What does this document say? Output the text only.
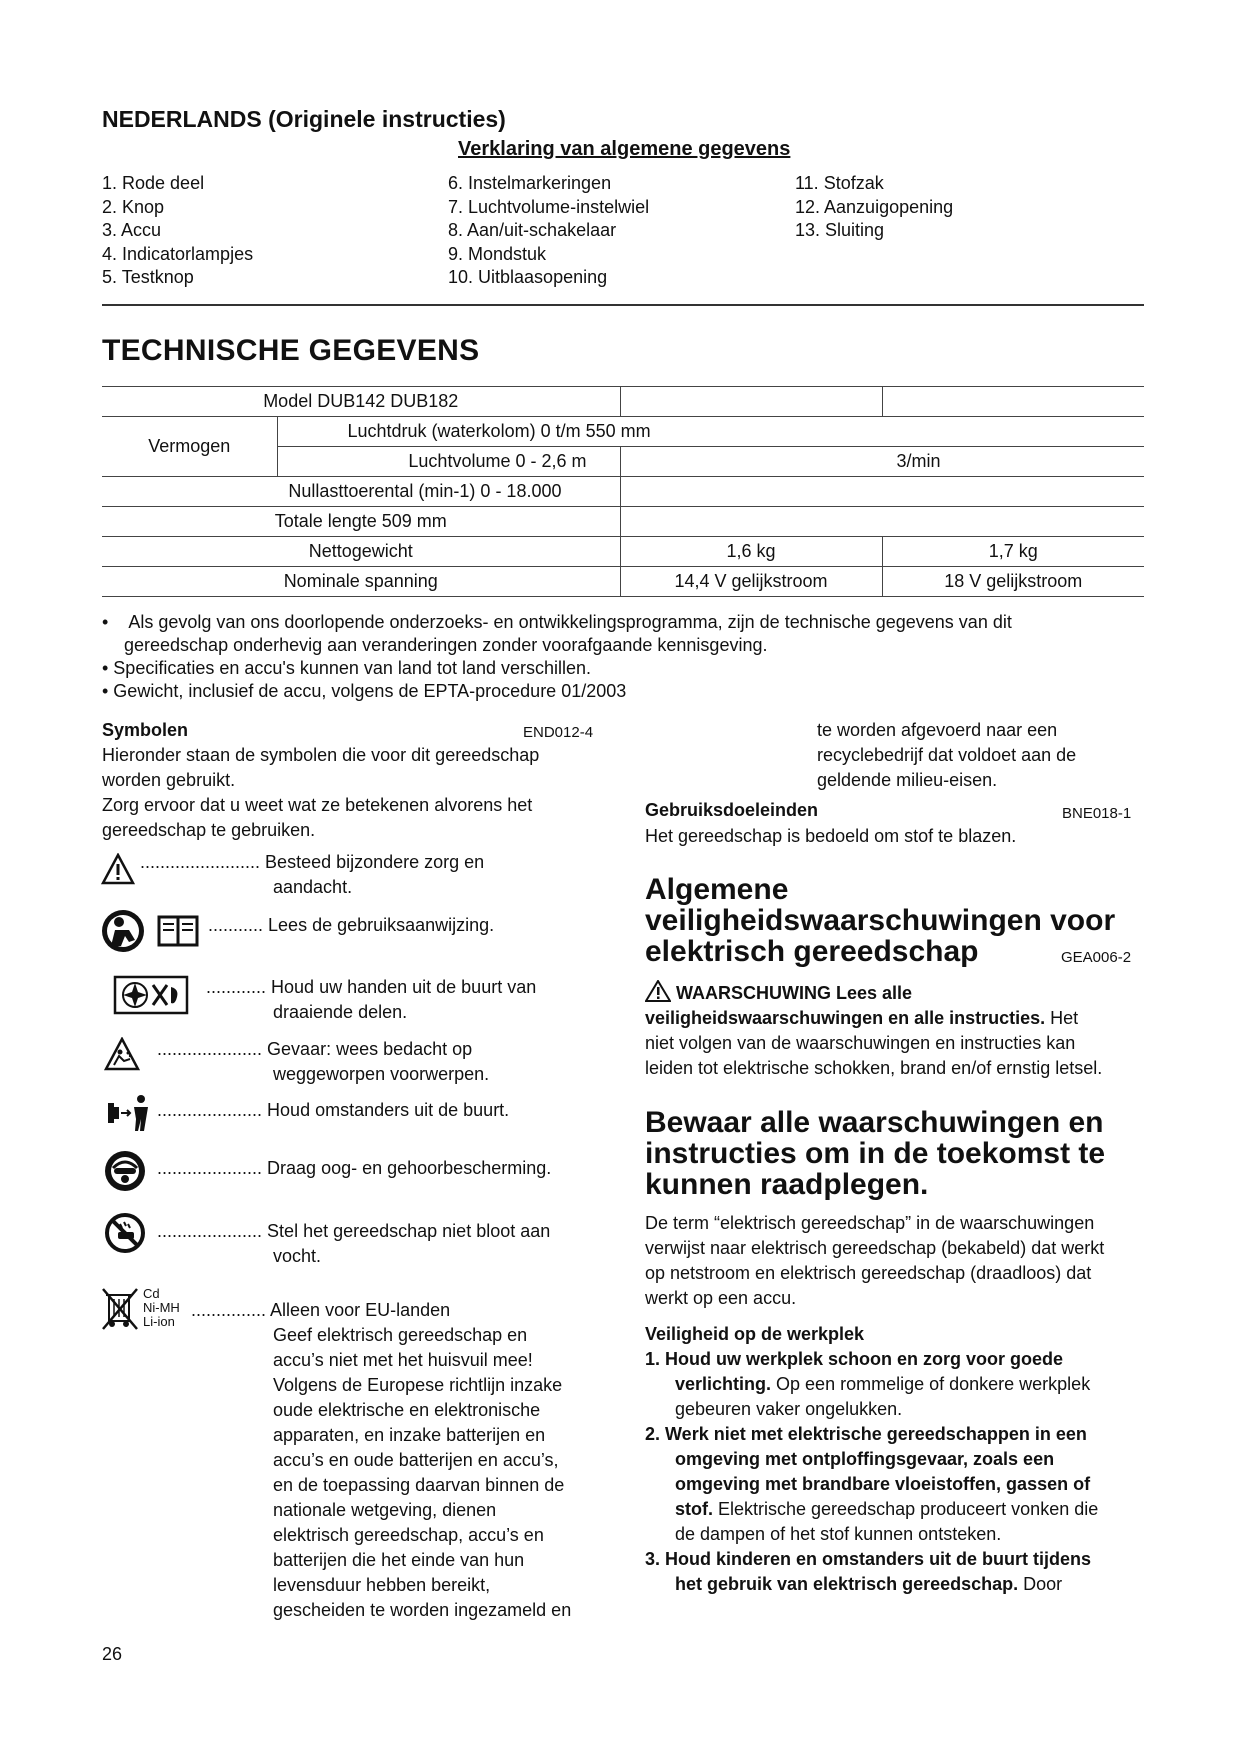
NEDERLANDS (Originele instructies)
Verklaring van algemene gegevens
1. Rode deel
2. Knop
3. Accu
4. Indicatorlampjes
5. Testknop
6. Instelmarkeringen
7. Luchtvolume-instelwiel
8. Aan/uit-schakelaar
9. Mondstuk
10. Uitblaasopening
11. Stofzak
12. Aanzuigopening
13. Sluiting
TECHNISCHE GEGEVENS
Model DUB142 DUB182			
Vermogen	Luchtdruk (waterkolom) 0 t/m 550 mm		
	Luchtvolume 0 - 2,6 m	3/min	
Nullasttoerental (min-1) 0 - 18.000			
Totale lengte 509 mm			
Nettogewicht		1,6 kg	1,7 kg
Nominale spanning		14,4 V gelijkstroom	18 V gelijkstroom
•    Als gevolg van ons doorlopende onderzoeks- en ontwikkelingsprogramma, zijn de technische gegevens van dit
gereedschap onderhevig aan veranderingen zonder voorafgaande kennisgeving.
• Specificaties en accu's kunnen van land tot land verschillen.
• Gewicht, inclusief de accu, volgens de EPTA-procedure 01/2003
Symbolen	END012-4
Hieronder staan de symbolen die voor dit gereedschap
worden gebruikt.
Zorg ervoor dat u weet wat ze betekenen alvorens het
gereedschap te gebruiken.
........................ Besteed bijzondere zorg en
aandacht.
........... Lees de gebruiksaanwijzing.
............ Houd uw handen uit de buurt van
draaiende delen.
..................... Gevaar: wees bedacht op
weggeworpen voorwerpen.
..................... Houd omstanders uit de buurt.
..................... Draag oog- en gehoorbescherming.
..................... Stel het gereedschap niet bloot aan
vocht.
Cd
Ni-MH
Li-ion
............... Alleen voor EU-landen
Geef elektrisch gereedschap en
accu’s niet met het huisvuil mee!
Volgens de Europese richtlijn inzake
oude elektrische en elektronische
apparaten, en inzake batterijen en
accu’s en oude batterijen en accu’s,
en de toepassing daarvan binnen de
nationale wetgeving, dienen
elektrisch gereedschap, accu’s en
batterijen die het einde van hun
levensduur hebben bereikt,
gescheiden te worden ingezameld en
te worden afgevoerd naar een
recyclebedrijf dat voldoet aan de
geldende milieu-eisen.
Gebruiksdoeleinden	BNE018-1
Het gereedschap is bedoeld om stof te blazen.
Algemene
veiligheidswaarschuwingen voor
elektrisch gereedschap	GEA006-2
WAARSCHUWING Lees alle
veiligheidswaarschuwingen en alle instructies. Het
niet volgen van de waarschuwingen en instructies kan
leiden tot elektrische schokken, brand en/of ernstig letsel.
Bewaar alle waarschuwingen en
instructies om in de toekomst te
kunnen raadplegen.
De term “elektrisch gereedschap” in de waarschuwingen
verwijst naar elektrisch gereedschap (bekabeld) dat werkt
op netstroom en elektrisch gereedschap (draadloos) dat
werkt op een accu.
Veiligheid op de werkplek
1. Houd uw werkplek schoon en zorg voor goede
verlichting. Op een rommelige of donkere werkplek
gebeuren vaker ongelukken.
2. Werk niet met elektrische gereedschappen in een
omgeving met ontploffingsgevaar, zoals een
omgeving met brandbare vloeistoffen, gassen of
stof. Elektrische gereedschap produceert vonken die
de dampen of het stof kunnen ontsteken.
3. Houd kinderen en omstanders uit de buurt tijdens
het gebruik van elektrisch gereedschap. Door
26
